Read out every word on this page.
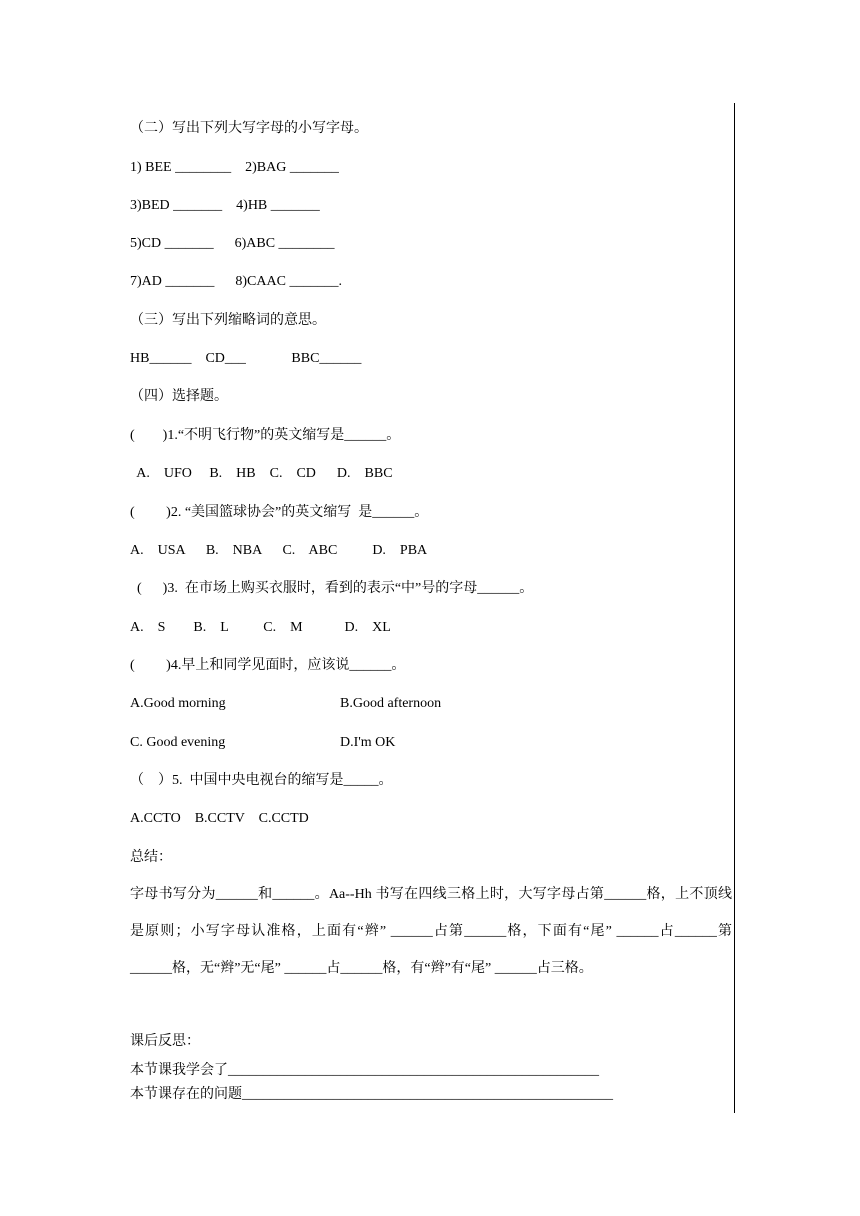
（二）写出下列大写字母的小写字母。
1) BEE ________    2)BAG _______
3)BED _______    4)HB _______
5)CD _______      6)ABC ________
7)AD _______      8)CAAC _______.
（三）写出下列缩略词的意思。
HB______    CD___             BBC______
（四）选择题。
(        )1.“不明飞行物”的英文缩写是______。
A.    UFO     B.    HB    C.    CD      D.    BBC
(         )2. “美国篮球协会”的英文缩写  是______。
A.    USA      B.    NBA      C.    ABC          D.    PBA
(      )3.  在市场上购买衣服时，看到的表示“中”号的字母______。
A.    S        B.    L          C.    M            D.    XL
(         )4.早上和同学见面时，应该说______。
A.Good morning	B.Good afternoon
C. Good evening	D.I'm OK
（    ）5.  中国中央电视台的缩写是_____。
A.CCTO    B.CCTV    C.CCTD
总结：
字母书写分为______和______。Aa--Hh 书写在四线三格上时，大写字母占第______格，上不顶线是原则；小写字母认准格，上面有“辫” ______占第______格，下面有“尾” ______占______第______格，无“辫”无“尾” ______占______格，有“辫”有“尾” ______占三格。
课后反思：
本节课我学会了_____________________________________________________
本节课存在的问题_____________________________________________________
